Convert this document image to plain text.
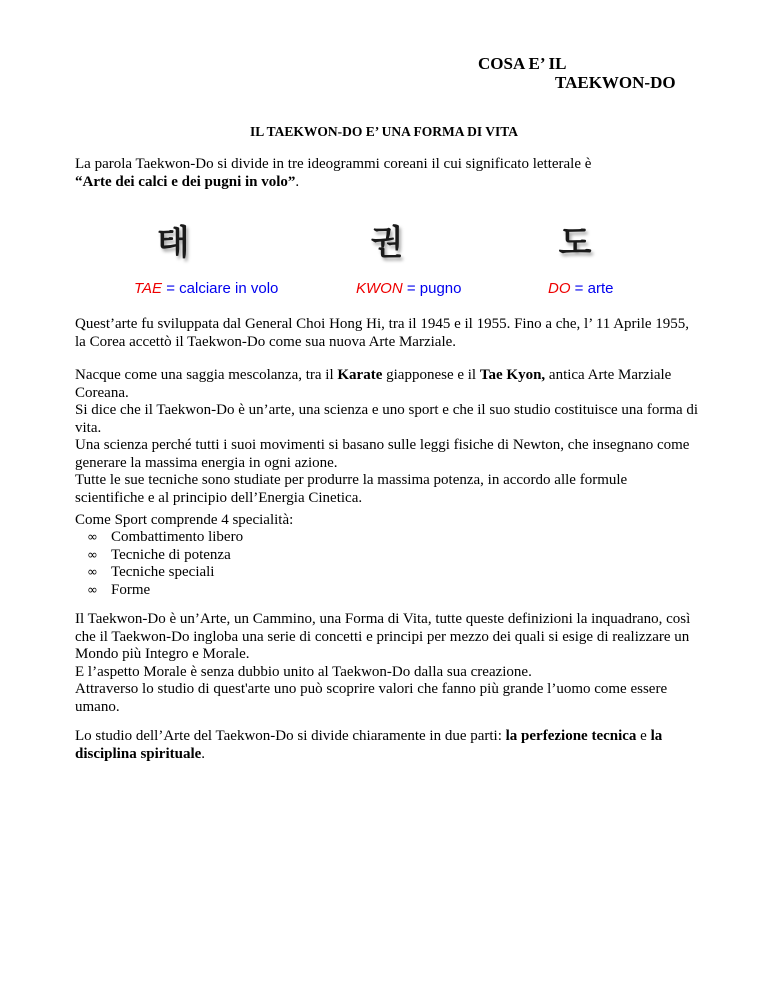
COSA E’ IL
TAEKWON-DO
IL TAEKWON-DO E’ UNA FORMA DI VITA

La parola Taekwon-Do si divide in tre ideogrammi coreani il cui significato letterale è
“Arte dei calci e dei pugni in volo”.

태	권	도
TAE = calciare in volo	KWON = pugno	DO = arte

Quest’arte fu sviluppata dal General Choi Hong Hi, tra il 1945 e il 1955. Fino a che, l’ 11 Aprile 1955, la Corea accettò il Taekwon-Do come sua nuova Arte Marziale.

Nacque come una saggia mescolanza, tra il Karate giapponese e il Tae Kyon, antica Arte Marziale Coreana.
Si dice che il Taekwon-Do è un’arte, una scienza e uno sport e che il suo studio costituisce una forma di vita.
Una scienza perché tutti i suoi movimenti si basano sulle leggi fisiche di Newton, che insegnano come generare la massima energia in ogni azione.
Tutte le sue tecniche sono studiate per produrre la massima potenza, in accordo alle formule scientifiche e al principio dell’Energia Cinetica.

Come Sport comprende 4 specialità:

∞ Combattimento libero
∞ Tecniche di potenza
∞ Tecniche speciali
∞ Forme

Il Taekwon-Do è un’Arte, un Cammino, una Forma di Vita, tutte queste definizioni la inquadrano, così che il Taekwon-Do ingloba una serie di concetti e principi per mezzo dei quali si esige di realizzare un Mondo più Integro e Morale.
E l’aspetto Morale è senza dubbio unito al Taekwon-Do dalla sua creazione.
Attraverso lo studio di quest'arte uno può scoprire valori che fanno più grande l’uomo come essere umano.

Lo studio dell’Arte del Taekwon-Do si divide chiaramente in due parti: la perfezione tecnica e la disciplina spirituale.
